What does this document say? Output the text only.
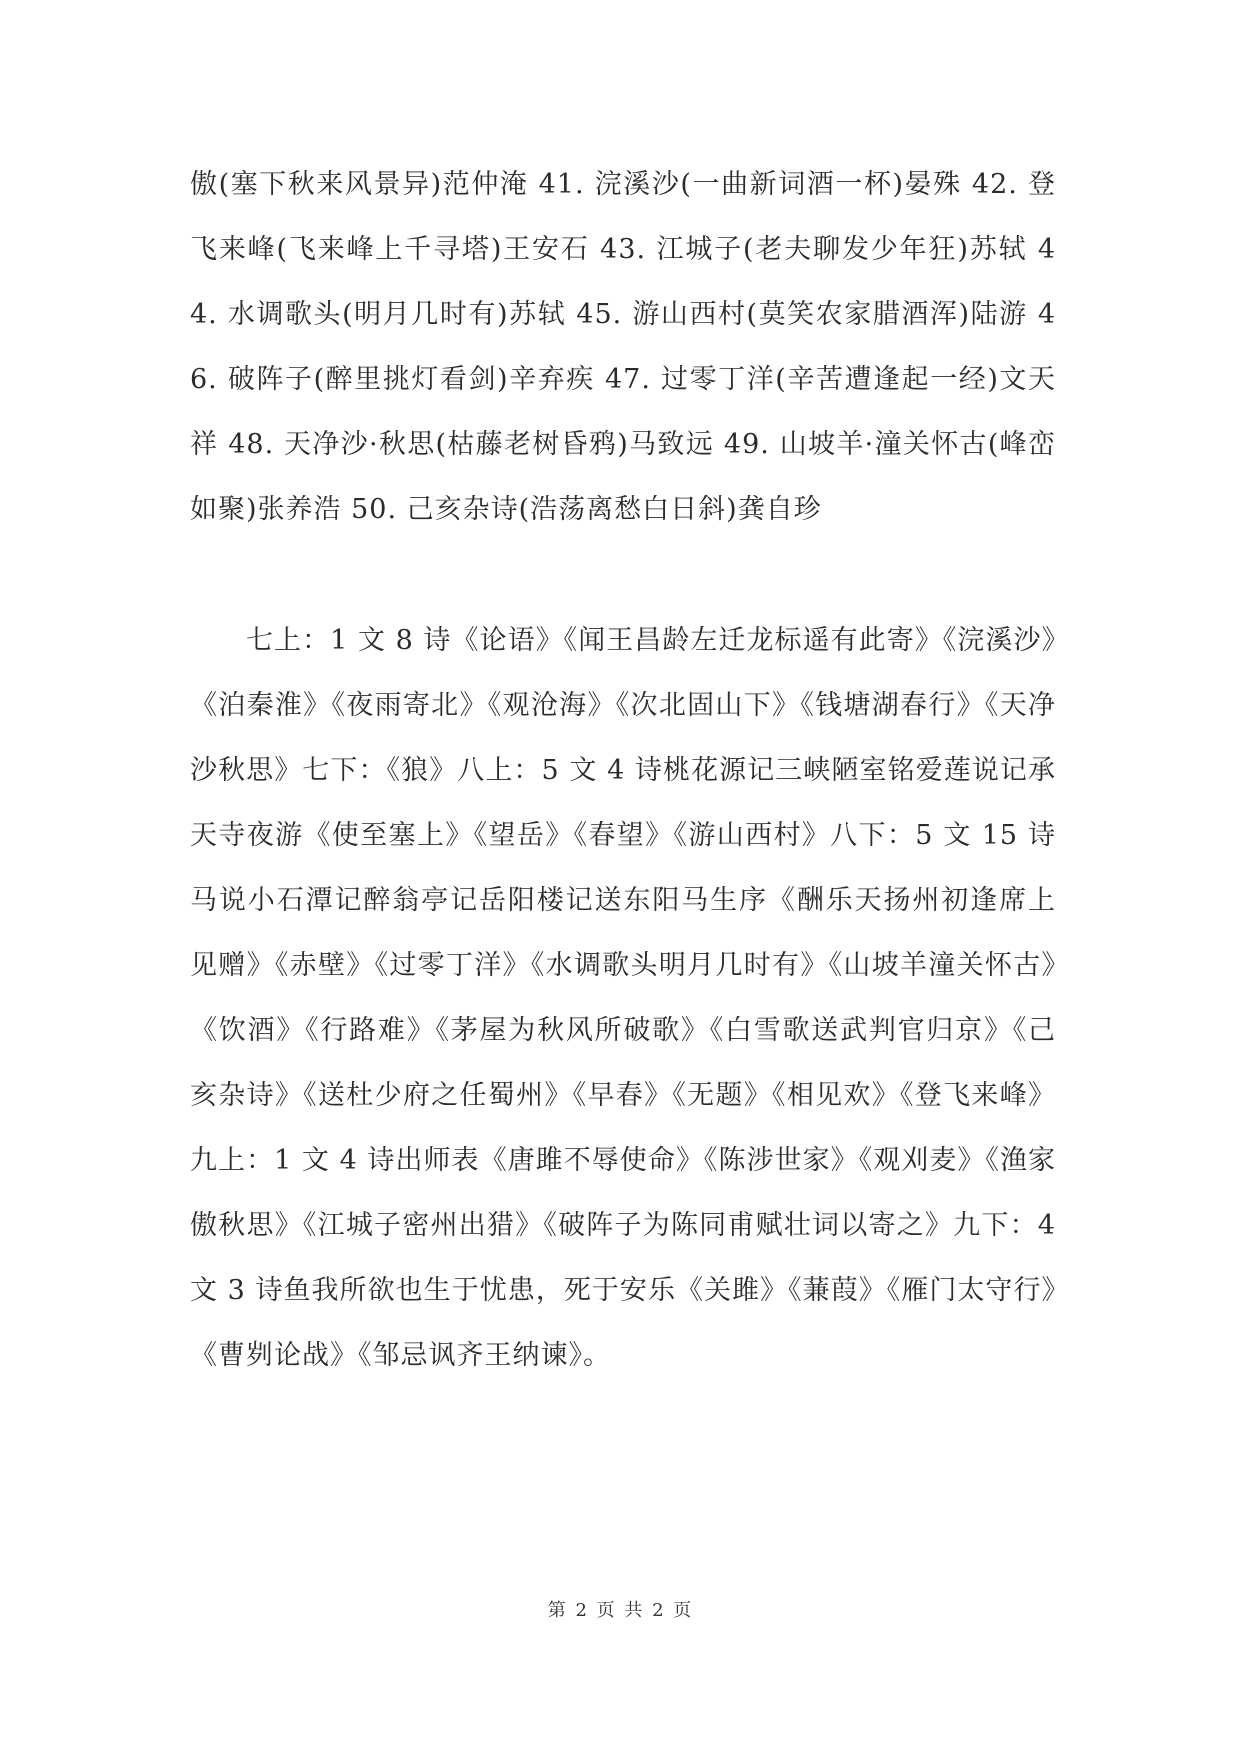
傲(塞下秋来风景异)范仲淹 41. 浣溪沙(一曲新词酒一杯)晏殊 42. 登飞来峰(飞来峰上千寻塔)王安石 43. 江城子(老夫聊发少年狂)苏轼 44. 水调歌头(明月几时有)苏轼 45. 游山西村(莫笑农家腊酒浑)陆游 46. 破阵子(醉里挑灯看剑)辛弃疾 47. 过零丁洋(辛苦遭逢起一经)文天祥 48. 天净沙·秋思(枯藤老树昏鸦)马致远 49. 山坡羊·潼关怀古(峰峦如聚)张养浩 50. 己亥杂诗(浩荡离愁白日斜)龚自珍

七上：1 文 8 诗《论语》《闻王昌龄左迁龙标遥有此寄》《浣溪沙》《泊秦淮》《夜雨寄北》《观沧海》《次北固山下》《钱塘湖春行》《天净沙秋思》七下：《狼》八上：5 文 4 诗桃花源记三峡陋室铭爱莲说记承天寺夜游《使至塞上》《望岳》《春望》《游山西村》八下：5 文 15 诗马说小石潭记醉翁亭记岳阳楼记送东阳马生序《酬乐天扬州初逢席上见赠》《赤壁》《过零丁洋》《水调歌头明月几时有》《山坡羊潼关怀古》《饮酒》《行路难》《茅屋为秋风所破歌》《白雪歌送武判官归京》《己亥杂诗》《送杜少府之任蜀州》《早春》《无题》《相见欢》《登飞来峰》九上：1 文 4 诗出师表《唐雎不辱使命》《陈涉世家》《观刈麦》《渔家傲秋思》《江城子密州出猎》《破阵子为陈同甫赋壮词以寄之》九下：4 文 3 诗鱼我所欲也生于忧患，死于安乐《关雎》《蒹葭》《雁门太守行》《曹刿论战》《邹忌讽齐王纳谏》。

第 2 页 共 2 页
